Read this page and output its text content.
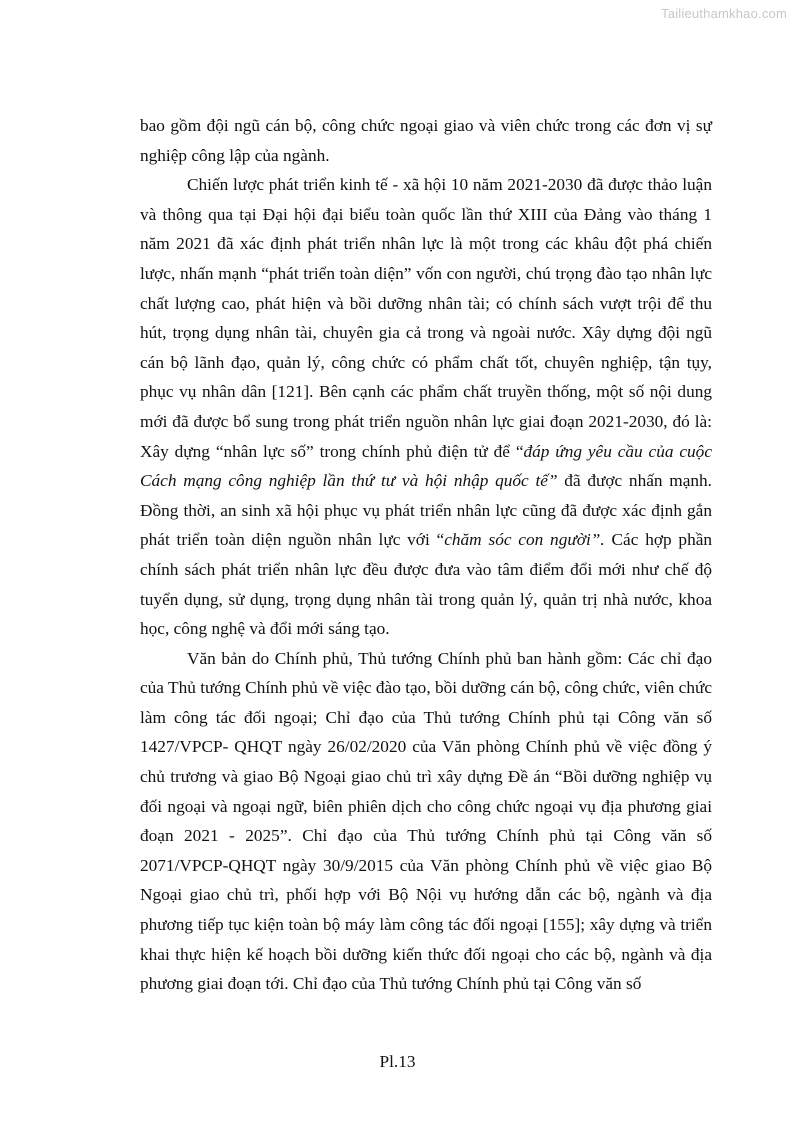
Tailieuthamkhao.com

bao gồm đội ngũ cán bộ, công chức ngoại giao và viên chức trong các đơn vị sự nghiệp công lập của ngành.

Chiến lược phát triển kinh tế - xã hội 10 năm 2021-2030 đã được thảo luận và thông qua tại Đại hội đại biểu toàn quốc lần thứ XIII của Đảng vào tháng 1 năm 2021 đã xác định phát triển nhân lực là một trong các khâu đột phá chiến lược, nhấn mạnh “phát triển toàn diện” vốn con người, chú trọng đào tạo nhân lực chất lượng cao, phát hiện và bồi dưỡng nhân tài; có chính sách vượt trội để thu hút, trọng dụng nhân tài, chuyên gia cả trong và ngoài nước. Xây dựng đội ngũ cán bộ lãnh đạo, quản lý, công chức có phẩm chất tốt, chuyên nghiệp, tận tụy, phục vụ nhân dân [121]. Bên cạnh các phẩm chất truyền thống, một số nội dung mới đã được bổ sung trong phát triển nguồn nhân lực giai đoạn 2021-2030, đó là: Xây dựng “nhân lực số” trong chính phủ điện tử để “đáp ứng yêu cầu của cuộc Cách mạng công nghiệp lần thứ tư và hội nhập quốc tế” đã được nhấn mạnh. Đồng thời, an sinh xã hội phục vụ phát triển nhân lực cũng đã được xác định gắn phát triển toàn diện nguồn nhân lực với “chăm sóc con người”. Các hợp phần chính sách phát triển nhân lực đều được đưa vào tâm điểm đổi mới như chế độ tuyển dụng, sử dụng, trọng dụng nhân tài trong quản lý, quản trị nhà nước, khoa học, công nghệ và đổi mới sáng tạo.

Văn bản do Chính phủ, Thủ tướng Chính phủ ban hành gồm: Các chỉ đạo của Thủ tướng Chính phủ về việc đào tạo, bồi dưỡng cán bộ, công chức, viên chức làm công tác đối ngoại; Chỉ đạo của Thủ tướng Chính phủ tại Công văn số 1427/VPCP- QHQT ngày 26/02/2020 của Văn phòng Chính phủ về việc đồng ý chủ trương và giao Bộ Ngoại giao chủ trì xây dựng Đề án “Bồi dưỡng nghiệp vụ đối ngoại và ngoại ngữ, biên phiên dịch cho công chức ngoại vụ địa phương giai đoạn 2021 - 2025”. Chỉ đạo của Thủ tướng Chính phủ tại Công văn số 2071/VPCP-QHQT ngày 30/9/2015 của Văn phòng Chính phủ về việc giao Bộ Ngoại giao chủ trì, phối hợp với Bộ Nội vụ hướng dẫn các bộ, ngành và địa phương tiếp tục kiện toàn bộ máy làm công tác đối ngoại [155]; xây dựng và triển khai thực hiện kế hoạch bồi dưỡng kiến thức đối ngoại cho các bộ, ngành và địa phương giai đoạn tới. Chỉ đạo của Thủ tướng Chính phủ tại Công văn số

Pl.13
